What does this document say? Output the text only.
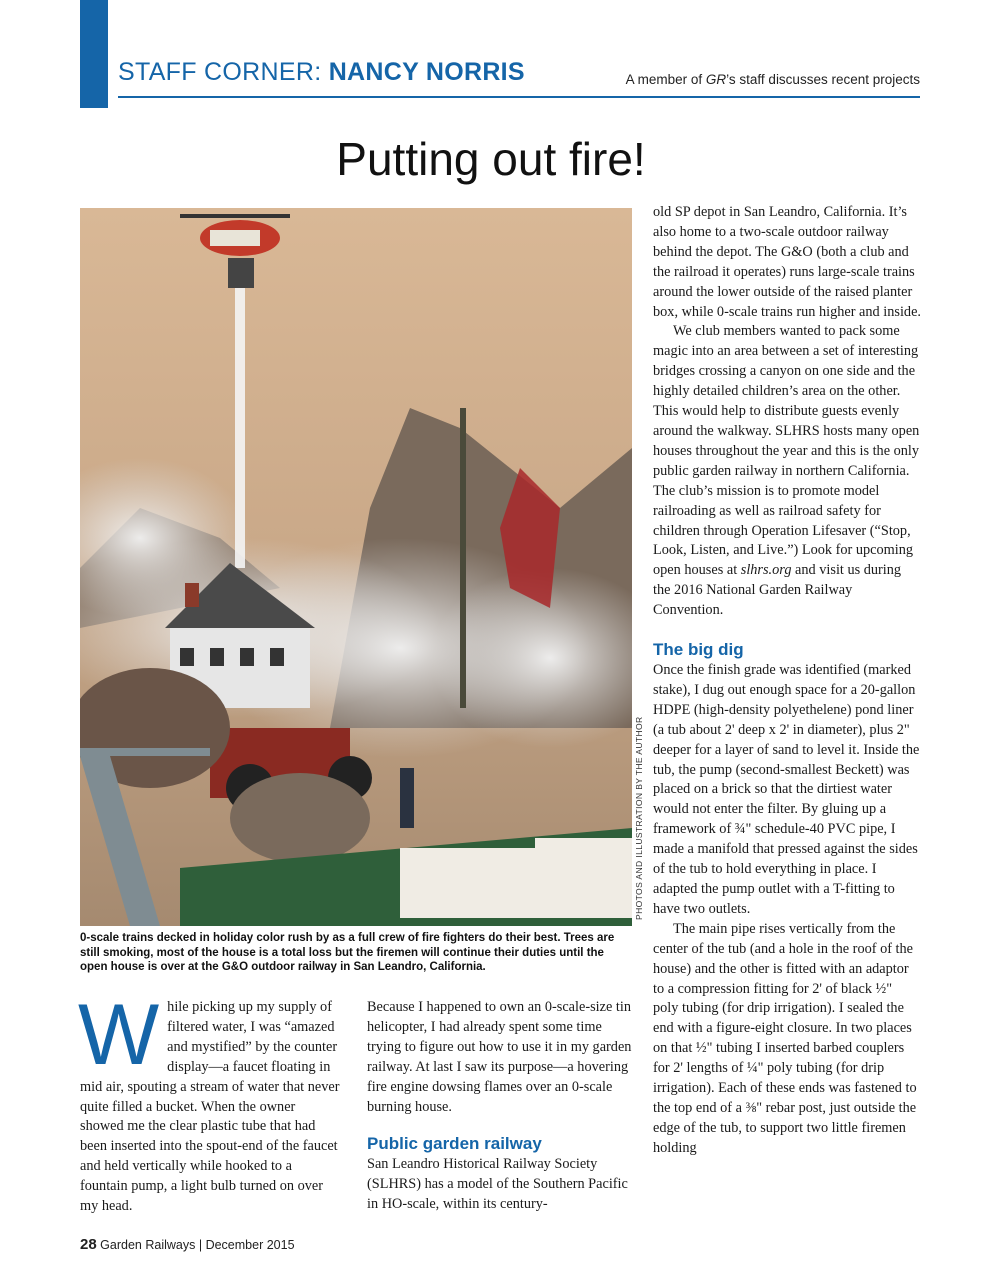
STAFF CORNER: NANCY NORRIS	A member of GR’s staff discusses recent projects
Putting out fire!
PHOTOS AND ILLUSTRATION BY THE AUTHOR
0-scale trains decked in holiday color rush by as a full crew of fire fighters do their best. Trees are still smoking, most of the house is a total loss but the firemen will continue their duties until the open house is over at the G&O outdoor railway in San Leandro, California.

While picking up my supply of filtered water, I was “amazed and mystified” by the counter display—a faucet floating in mid air, spouting a stream of water that never quite filled a bucket. When the owner showed me the clear plastic tube that had been inserted into the spout-end of the faucet and held vertically while hooked to a fountain pump, a light bulb turned on over my head.

Because I happened to own an 0-scale-size tin helicopter, I had already spent some time trying to figure out how to use it in my garden railway. At last I saw its purpose—a hovering fire engine dowsing flames over an 0-scale burning house.

Public garden railway

San Leandro Historical Railway Society (SLHRS) has a model of the Southern Pacific in HO-scale, within its century-

old SP depot in San Leandro, California. It’s also home to a two-scale outdoor railway behind the depot. The G&O (both a club and the railroad it operates) runs large-scale trains around the lower outside of the raised planter box, while 0-scale trains run higher and inside.

We club members wanted to pack some magic into an area between a set of interesting bridges crossing a canyon on one side and the highly detailed children’s area on the other. This would help to distribute guests evenly around the walkway. SLHRS hosts many open houses throughout the year and this is the only public garden railway in northern California. The club’s mission is to promote model railroading as well as railroad safety for children through Operation Lifesaver (“Stop, Look, Listen, and Live.”) Look for upcoming open houses at slhrs.org and visit us during the 2016 National Garden Railway Convention.

The big dig

Once the finish grade was identified (marked stake), I dug out enough space for a 20-gallon HDPE (high-density polyethelene) pond liner (a tub about 2' deep x 2' in diameter), plus 2" deeper for a layer of sand to level it. Inside the tub, the pump (second-smallest Beckett) was placed on a brick so that the dirtiest water would not enter the filter. By gluing up a framework of ¾" schedule-40 PVC pipe, I made a manifold that pressed against the sides of the tub to hold everything in place. I adapted the pump outlet with a T-fitting to have two outlets.

The main pipe rises vertically from the center of the tub (and a hole in the roof of the house) and the other is fitted with an adaptor to a compression fitting for 2' of black ½" poly tubing (for drip irrigation). I sealed the end with a figure-eight closure. In two places on that ½" tubing I inserted barbed couplers for 2' lengths of ¼" poly tubing (for drip irrigation). Each of these ends was fastened to the top end of a ⅜" rebar post, just outside the edge of the tub, to support two little firemen holding

28 Garden Railways | December 2015
